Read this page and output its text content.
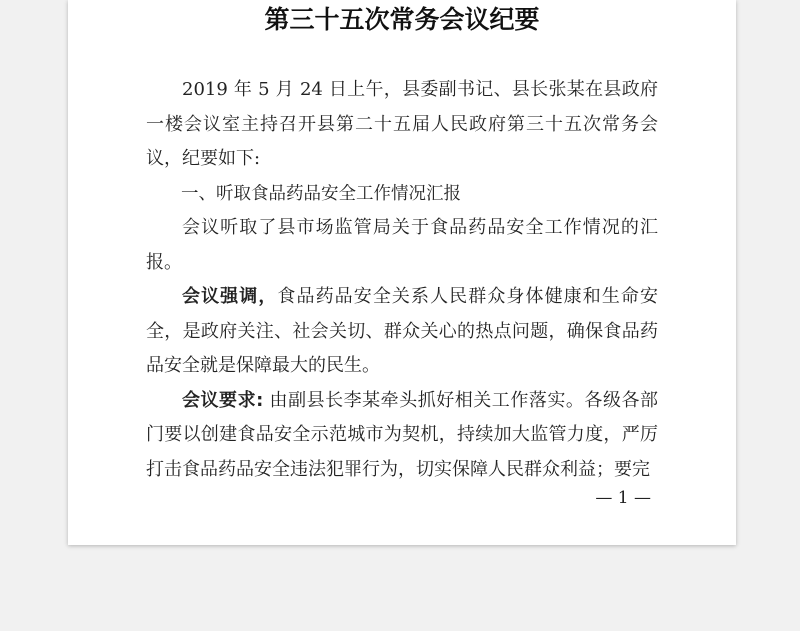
第三十五次常务会议纪要

2019 年 5 月 24 日上午，县委副书记、县长张某在县政府一楼会议室主持召开县第二十五届人民政府第三十五次常务会议，纪要如下:

一、听取食品药品安全工作情况汇报

会议听取了县市场监管局关于食品药品安全工作情况的汇报。

会议强调，食品药品安全关系人民群众身体健康和生命安全，是政府关注、社会关切、群众关心的热点问题，确保食品药品安全就是保障最大的民生。

会议要求: 由副县长李某牵头抓好相关工作落实。各级各部门要以创建食品安全示范城市为契机，持续加大监管力度，严厉打击食品药品安全违法犯罪行为，切实保障人民群众利益；要完

— 1 —
